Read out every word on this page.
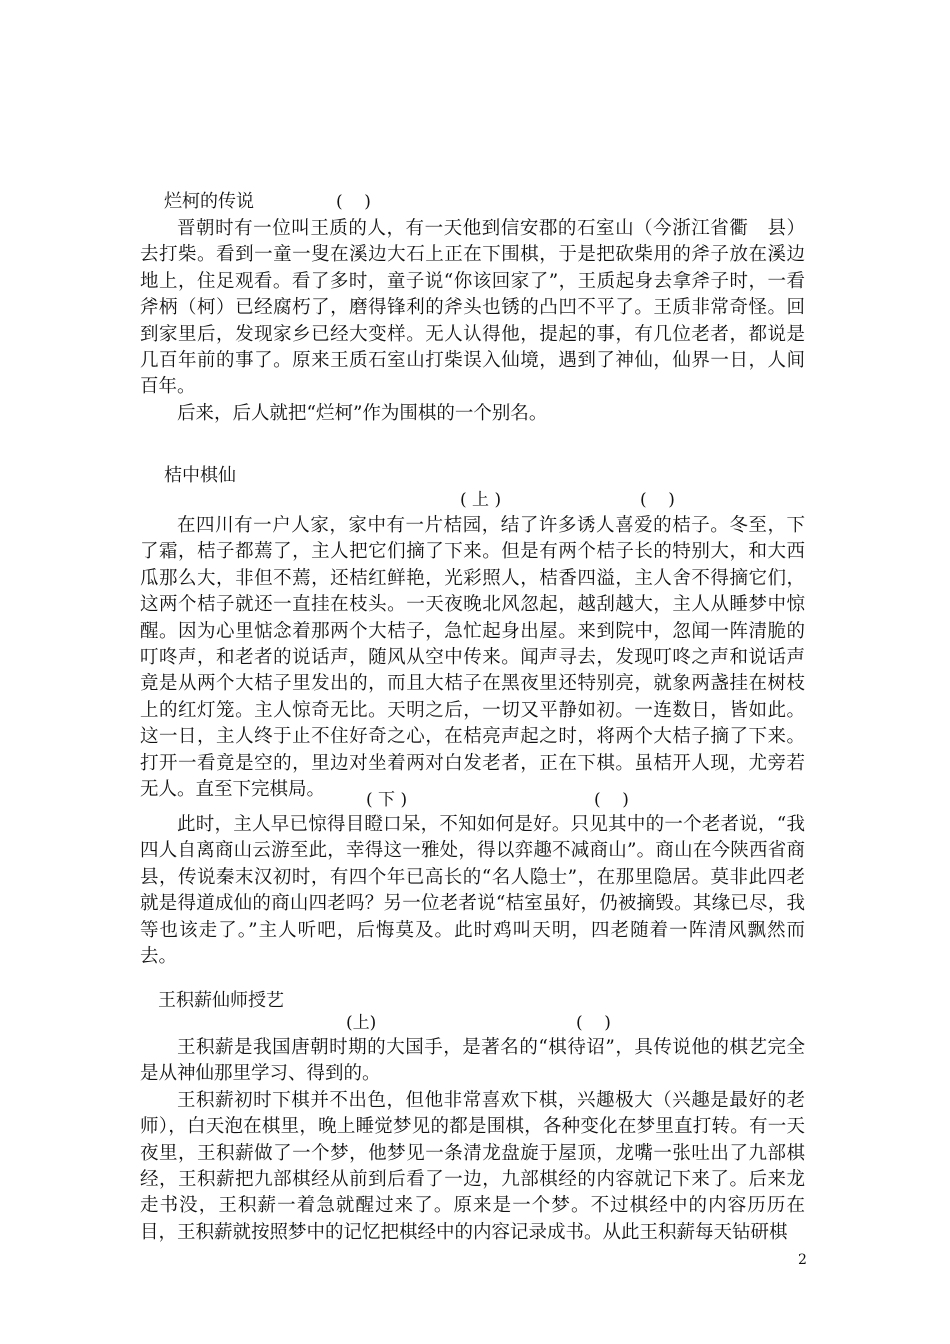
烂柯的传说	(    )

晋朝时有一位叫王质的人，有一天他到信安郡的石室山（今浙江省衢　县）去打柴。看到一童一叟在溪边大石上正在下围棋，于是把砍柴用的斧子放在溪边地上，住足观看。看了多时，童子说“你该回家了”，王质起身去拿斧子时，一看斧柄（柯）已经腐朽了，磨得锋利的斧头也锈的凸凹不平了。王质非常奇怪。回到家里后，发现家乡已经大变样。无人认得他，提起的事，有几位老者，都说是几百年前的事了。原来王质石室山打柴误入仙境，遇到了神仙，仙界一日，人间百年。

后来，后人就把“烂柯”作为围棋的一个别名。

桔中棋仙
( 上 )	(    )

在四川有一户人家，家中有一片桔园，结了许多诱人喜爱的桔子。冬至，下了霜，桔子都蔫了，主人把它们摘了下来。但是有两个桔子长的特别大，和大西瓜那么大，非但不蔫，还桔红鲜艳，光彩照人，桔香四溢，主人舍不得摘它们，这两个桔子就还一直挂在枝头。一天夜晚北风忽起，越刮越大，主人从睡梦中惊醒。因为心里惦念着那两个大桔子，急忙起身出屋。来到院中，忽闻一阵清脆的叮咚声，和老者的说话声，随风从空中传来。闻声寻去，发现叮咚之声和说话声竟是从两个大桔子里发出的，而且大桔子在黑夜里还特别亮，就象两盏挂在树枝上的红灯笼。主人惊奇无比。天明之后，一切又平静如初。一连数日，皆如此。这一日，主人终于止不住好奇之心，在桔亮声起之时，将两个大桔子摘了下来。打开一看竟是空的，里边对坐着两对白发老者，正在下棋。虽桔开人现，尤旁若无人。直至下完棋局。	( 下 )	(    )

此时，主人早已惊得目瞪口呆，不知如何是好。只见其中的一个老者说，“我四人自离商山云游至此，幸得这一雅处，得以弈趣不减商山”。商山在今陕西省商县，传说秦末汉初时，有四个年已高长的“名人隐士”，在那里隐居。莫非此四老就是得道成仙的商山四老吗？另一位老者说“桔室虽好，仍被摘毁。其缘已尽，我等也该走了。”主人听吧，后悔莫及。此时鸡叫天明，四老随着一阵清风飘然而去。

王积薪仙师授艺
(上)	(    )

王积薪是我国唐朝时期的大国手，是著名的“棋待诏”，具传说他的棋艺完全是从神仙那里学习、得到的。

王积薪初时下棋并不出色，但他非常喜欢下棋，兴趣极大（兴趣是最好的老师），白天泡在棋里，晚上睡觉梦见的都是围棋，各种变化在梦里直打转。有一天夜里，王积薪做了一个梦，他梦见一条清龙盘旋于屋顶，龙嘴一张吐出了九部棋经，王积薪把九部棋经从前到后看了一边，九部棋经的内容就记下来了。后来龙走书没，王积薪一着急就醒过来了。原来是一个梦。不过棋经中的内容历历在目，王积薪就按照梦中的记忆把棋经中的内容记录成书。从此王积薪每天钻研棋

2
